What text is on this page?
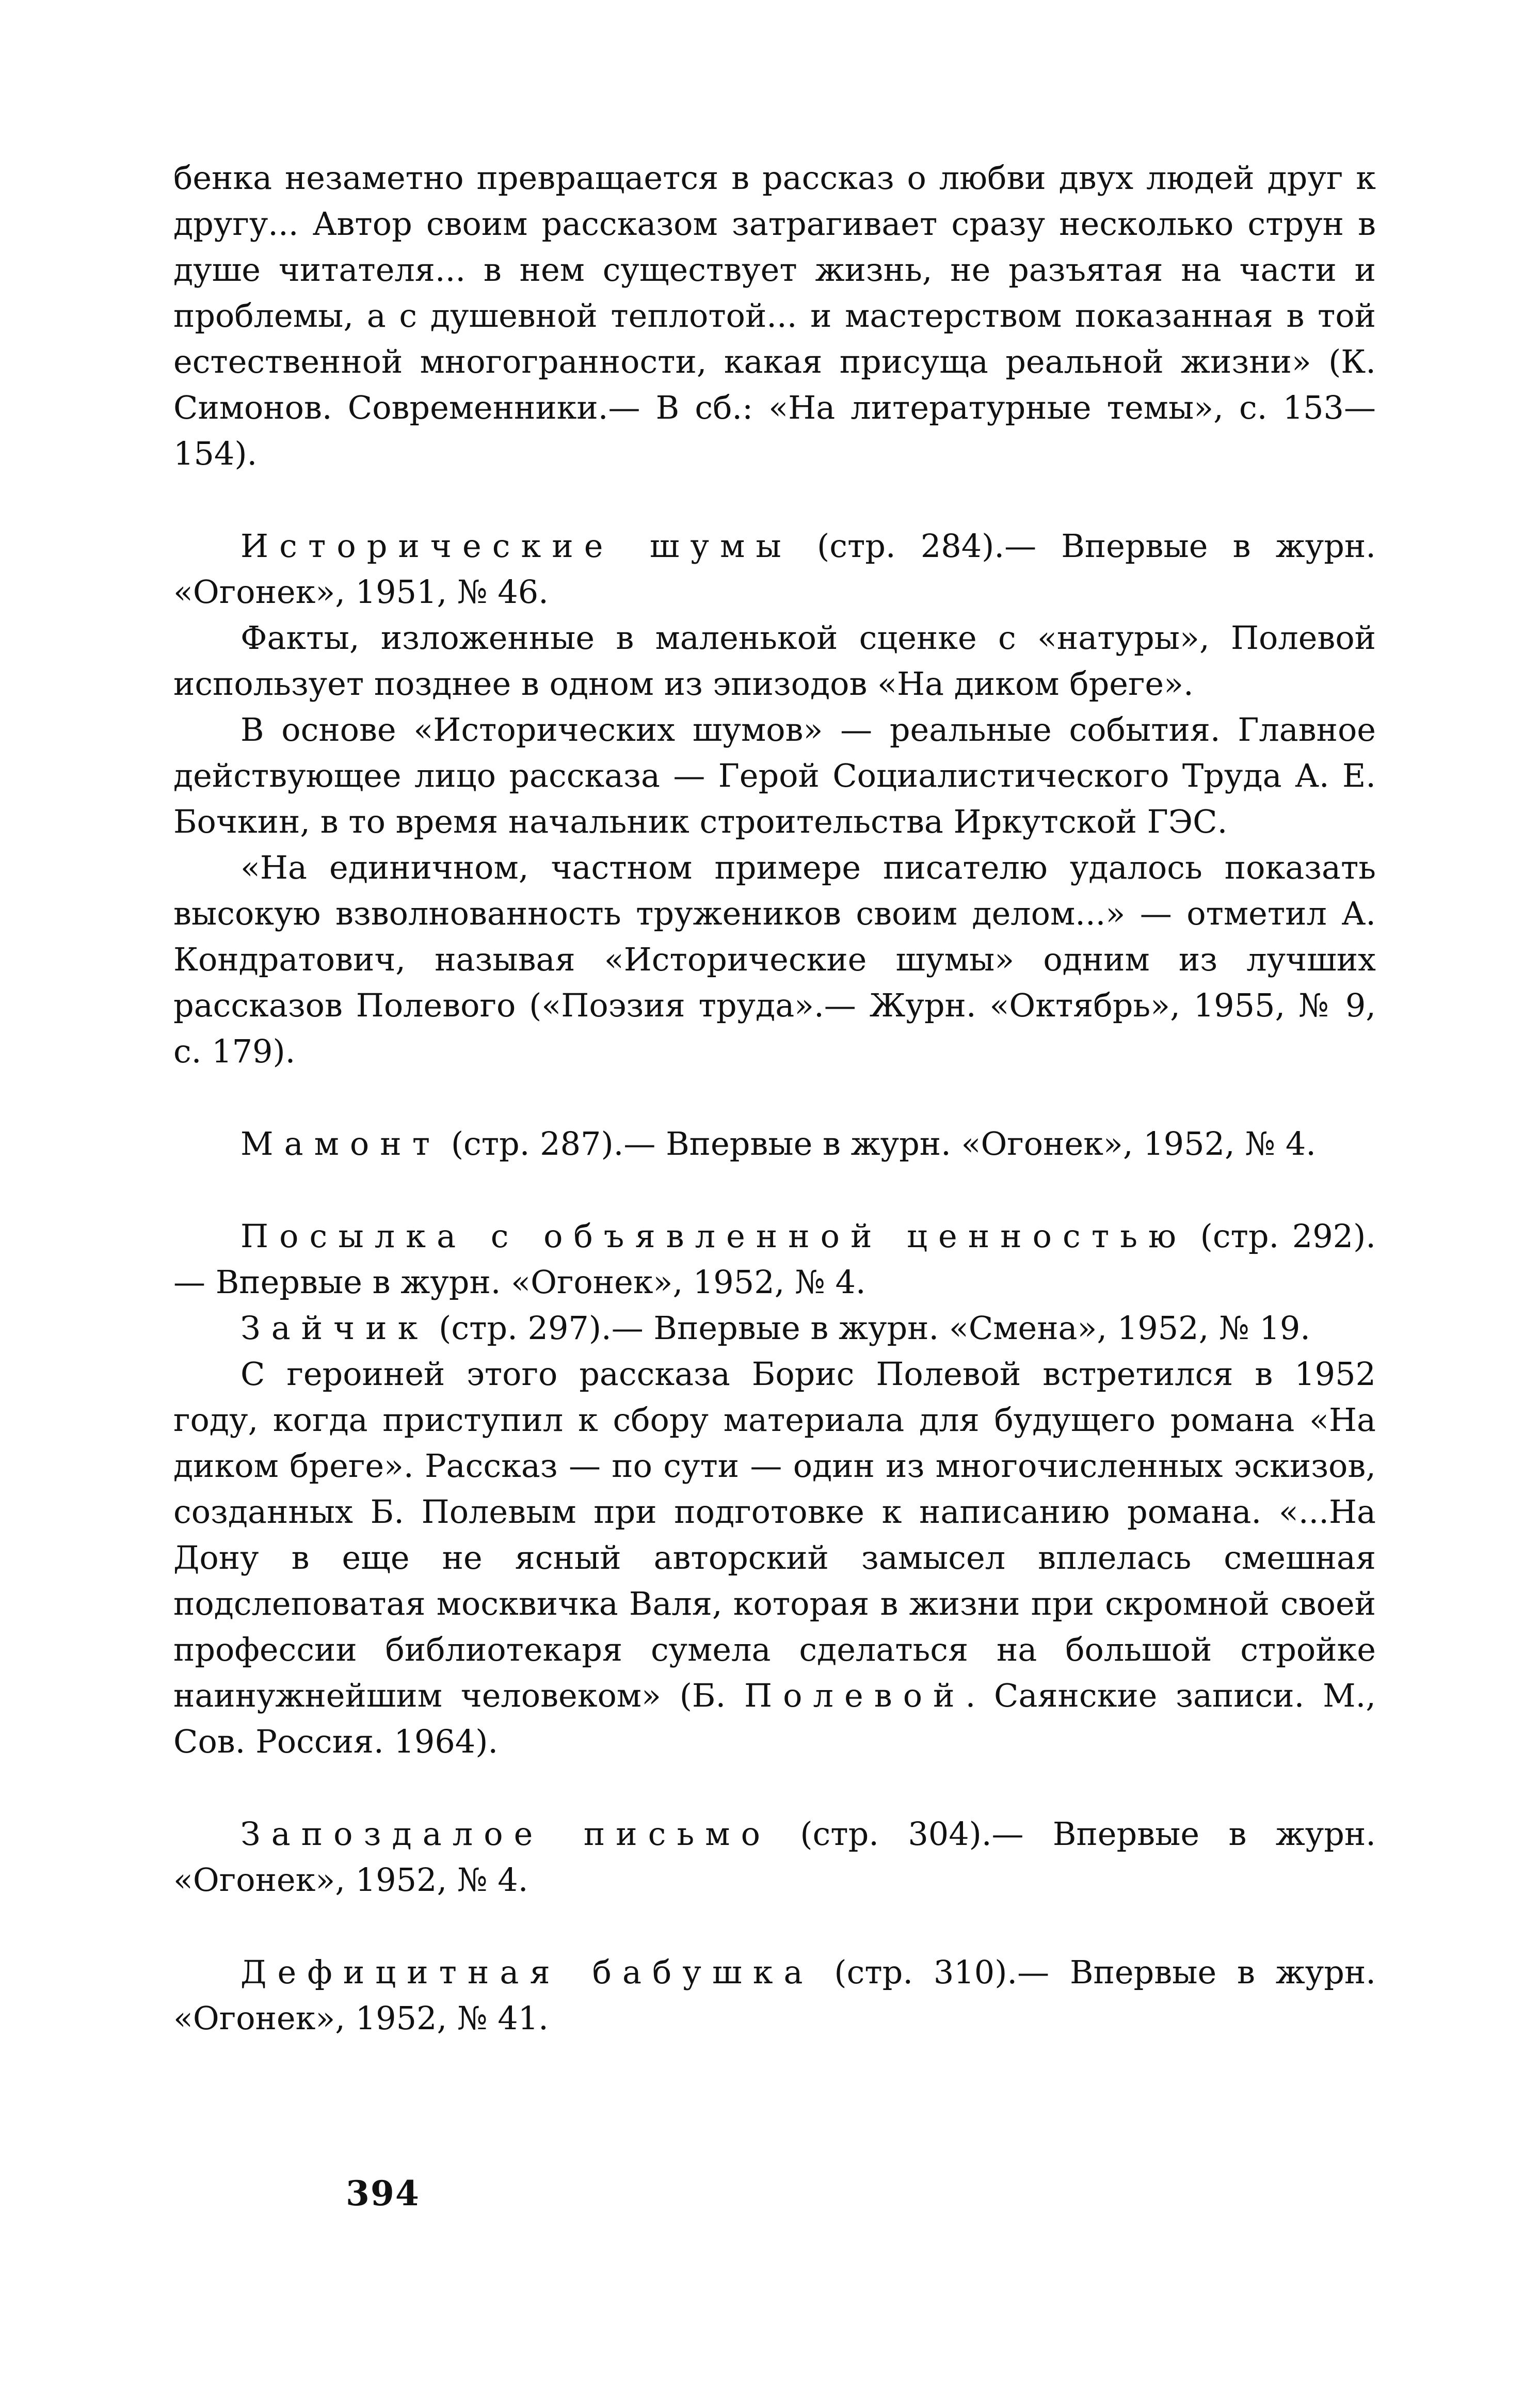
бенка незаметно превращается в рассказ о любви двух людей друг к другу... Автор своим рассказом затрагивает сразу несколько струн в душе читателя... в нем существует жизнь, не разъятая на части и проблемы, а с душевной теплотой... и мастерством показанная в той естественной многогранности, какая присуща реальной жизни» (К. Симонов. Современники.— В сб.: «На литературные темы», с. 153—154).

Исторические шумы (стр. 284).— Впервые в журн. «Огонек», 1951, № 46.

Факты, изложенные в маленькой сценке с «натуры», Полевой использует позднее в одном из эпизодов «На диком бреге».

В основе «Исторических шумов» — реальные события. Главное действующее лицо рассказа — Герой Социалистического Труда А. Е. Бочкин, в то время начальник строительства Иркутской ГЭС.

«На единичном, частном примере писателю удалось показать высокую взволнованность тружеников своим делом...» — отметил А. Кондратович, называя «Исторические шумы» одним из лучших рассказов Полевого («Поэзия труда».— Журн. «Октябрь», 1955, № 9, с. 179).

Мамонт (стр. 287).— Впервые в журн. «Огонек», 1952, № 4.

Посылка с объявленной ценностью (стр. 292).— Впервые в журн. «Огонек», 1952, № 4.

Зайчик (стр. 297).— Впервые в журн. «Смена», 1952, № 19.

С героиней этого рассказа Борис Полевой встретился в 1952 году, когда приступил к сбору материала для будущего романа «На диком бреге». Рассказ — по сути — один из многочисленных эскизов, созданных Б. Полевым при подготовке к написанию романа. «...На Дону в еще не ясный авторский замысел вплелась смешная подслеповатая москвичка Валя, которая в жизни при скромной своей профессии библиотекаря сумела сделаться на большой стройке наинужнейшим человеком» (Б. Полевой. Саянские записи. М., Сов. Россия. 1964).

Запоздалое письмо (стр. 304).— Впервые в журн. «Огонек», 1952, № 4.

Дефицитная бабушка (стр. 310).— Впервые в журн. «Огонек», 1952, № 41.

394
